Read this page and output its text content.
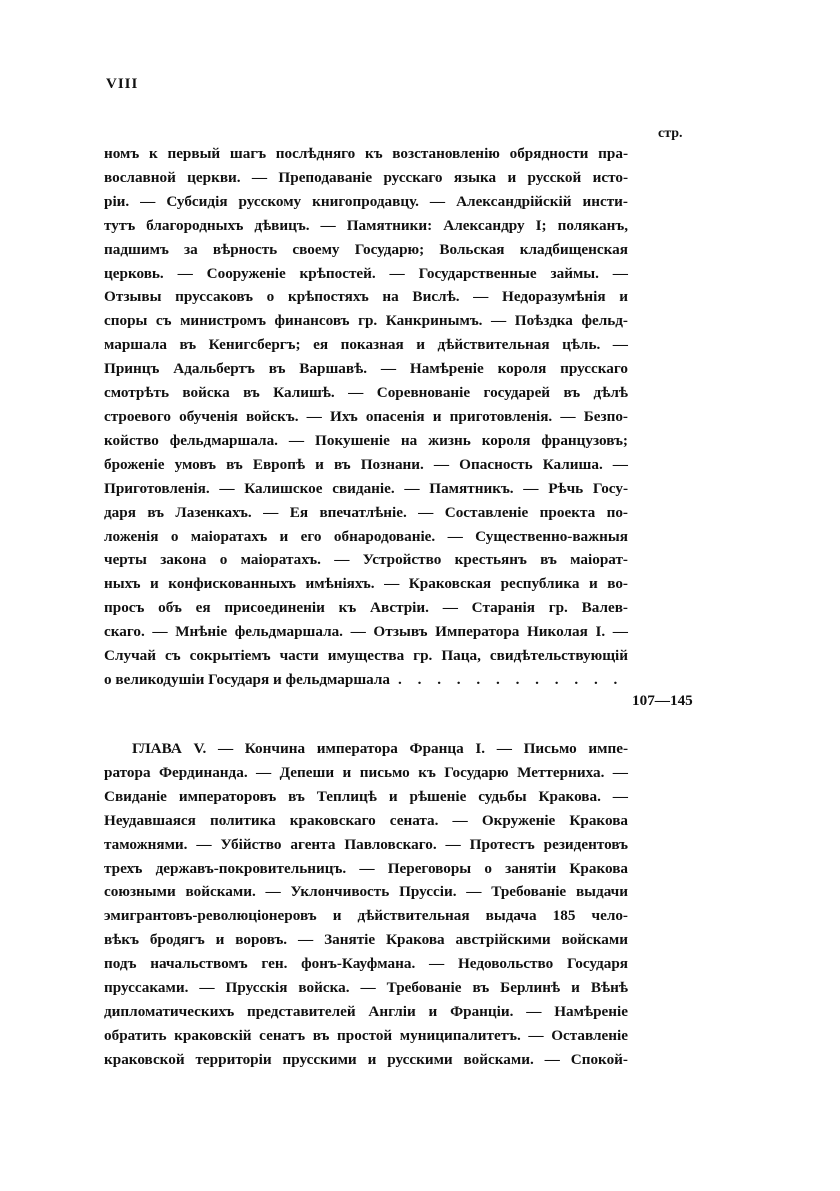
VIII
стр.

номъ к первый шагъ послѣдняго къ возстановленію обрядности пра-

вославной церкви. — Преподаваніе русскаго языка и русской исто-

ріи. — Субсидія русскому книгопродавцу. — Александрійскій инсти-

тутъ благородныхъ дѣвицъ. — Памятники: Александру I; поляканъ,

падшимъ за вѣрность своему Государю; Вольская кладбищенская

церковь. — Сооруженіе крѣпостей. — Государственные займы. —

Отзывы пруссаковъ о крѣпостяхъ на Вислѣ. — Недоразумѣнія и

споры съ министромъ финансовъ гр. Канкринымъ. — Поѣздка фельд-

маршала въ Кенигсбергъ; ея показная и дѣйствительная цѣль. —

Принцъ Адальбертъ въ Варшавѣ. — Намѣреніе короля прусскаго

смотрѣть войска въ Калишѣ. — Соревнованіе государей въ дѣлѣ

строевого обученія войскъ. — Ихъ опасенія и приготовленія. — Безпо-

койство фельдмаршала. — Покушеніе на жизнь короля французовъ;

броженіе умовъ въ Европѣ и въ Познани. — Опасность Калиша. —

Приготовленія. — Калишское свиданіе. — Памятникъ. — Рѣчь Госу-

даря въ Лазенкахъ. — Ея впечатлѣніе. — Составленіе проекта по-

ложенія о маіоратахъ и его обнародованіе. — Существенно-важныя

черты закона о маіоратахъ. — Устройство крестьянъ въ маіорат-

ныхъ и конфискованныхъ имѣніяхъ. — Краковская республика и во-

просъ объ ея присоединеніи къ Австріи. — Старанія гр. Валев-

скаго. — Мнѣніе фельдмаршала. — Отзывъ Императора Николая I. —

Случай съ сокрытіемъ части имущества гр. Паца, свидѣтельствующій

о великодушіи Государя и фельдмаршала
. . .
107—145

ГЛАВА V. — Кончина императора Франца I. — Письмо импе-

ратора Фердинанда. — Депеши и письмо къ Государю Меттерниха. —

Свиданіе императоровъ въ Теплицѣ и рѣшеніе судьбы Кракова. —

Неудавшаяся политика краковскаго сената. — Окруженіе Кракова

таможнями. — Убійство агента Павловскаго. — Протестъ резидентовъ

трехъ державъ-покровительницъ. — Переговоры о занятіи Кракова

союзными войсками. — Уклончивость Пруссіи. — Требованіе выдачи

эмигрантовъ-революціонеровъ и дѣйствительная выдача 185 чело-

вѣкъ бродягъ и воровъ. — Занятіе Кракова австрійскими войсками

подъ начальствомъ ген. фонъ-Кауфмана. — Недовольство Государя

пруссаками. — Прусскія войска. — Требованіе въ Берлинѣ и Вѣнѣ

дипломатическихъ представителей Англіи и Франціи. — Намѣреніе

обратить краковскій сенатъ въ простой муниципалитетъ. — Оставленіе

краковской территоріи прусскими и русскими войсками. — Спокой-
